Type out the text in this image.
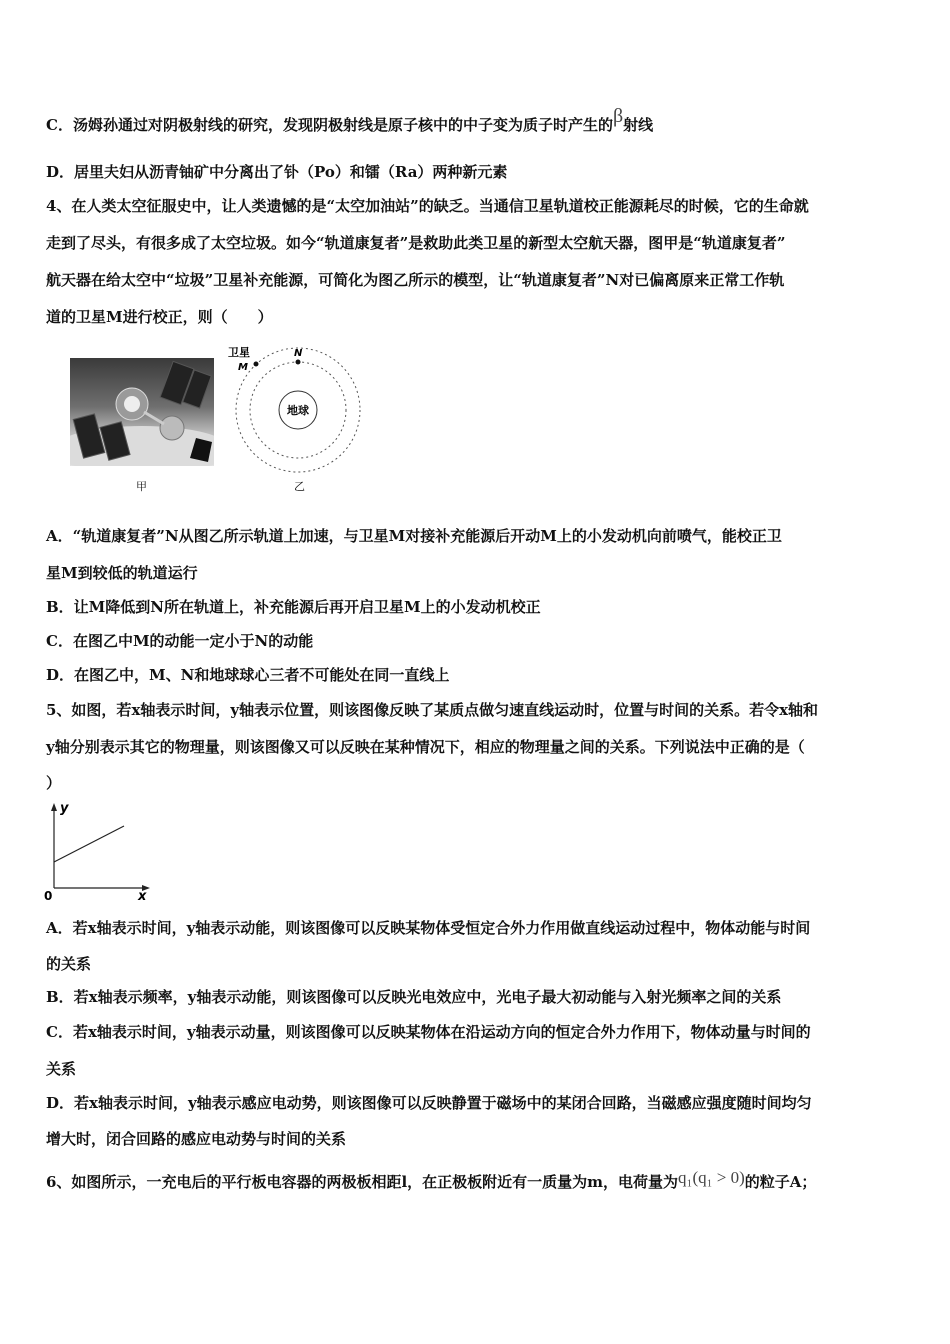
C．汤姆孙通过对阴极射线的研究，发现阴极射线是原子核中的中子变为质子时产生的β射线
D．居里夫妇从沥青铀矿中分离出了钋（Po）和镭（Ra）两种新元素
4、在人类太空征服史中，让人类遗憾的是“太空加油站”的缺乏。当通信卫星轨道校正能源耗尽的时候，它的生命就
走到了尽头，有很多成了太空垃圾。如今“轨道康复者”是救助此类卫星的新型太空航天器，图甲是“轨道康复者”
航天器在给太空中“垃圾”卫星补充能源，可简化为图乙所示的模型，让“轨道康复者”N对已偏离原来正常工作轨
道的卫星M进行校正，则（　　）
甲
地球
卫星
M
N
乙
A．“轨道康复者”N从图乙所示轨道上加速，与卫星M对接补充能源后开动M上的小发动机向前喷气，能校正卫
星M到较低的轨道运行
B．让M降低到N所在轨道上，补充能源后再开启卫星M上的小发动机校正
C．在图乙中M的动能一定小于N的动能
D．在图乙中，M、N和地球球心三者不可能处在同一直线上
5、如图，若x轴表示时间，y轴表示位置，则该图像反映了某质点做匀速直线运动时，位置与时间的关系。若令x轴和
y轴分别表示其它的物理量，则该图像又可以反映在某种情况下，相应的物理量之间的关系。下列说法中正确的是（
）
y
x
0
A．若x轴表示时间，y轴表示动能，则该图像可以反映某物体受恒定合外力作用做直线运动过程中，物体动能与时间
的关系
B．若x轴表示频率，y轴表示动能，则该图像可以反映光电效应中，光电子最大初动能与入射光频率之间的关系
C．若x轴表示时间，y轴表示动量，则该图像可以反映某物体在沿运动方向的恒定合外力作用下，物体动量与时间的
关系
D．若x轴表示时间，y轴表示感应电动势，则该图像可以反映静置于磁场中的某闭合回路，当磁感应强度随时间均匀
增大时，闭合回路的感应电动势与时间的关系
6、如图所示，一充电后的平行板电容器的两极板相距l，在正极板附近有一质量为m，电荷量为q₁(q₁ > 0)的粒子A；
